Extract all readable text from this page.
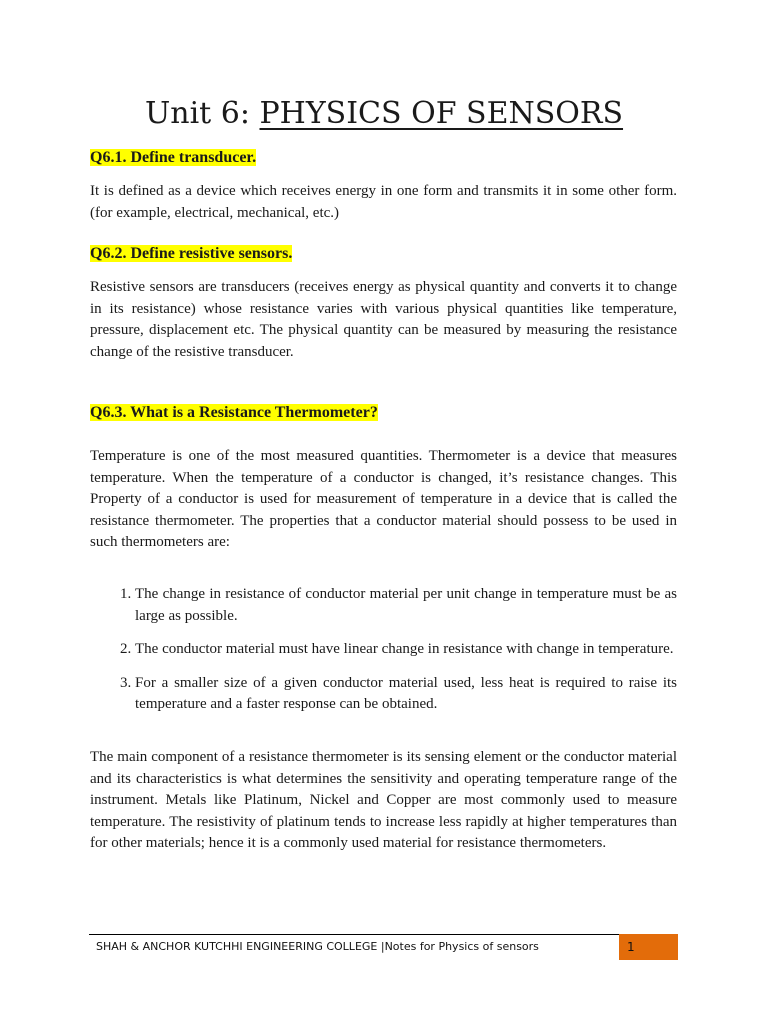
Unit 6: PHYSICS OF SENSORS
Q6.1. Define transducer.
It is defined as a device which receives energy in one form and transmits it in some other form. (for example, electrical, mechanical, etc.)
Q6.2. Define resistive sensors.
Resistive sensors are transducers (receives energy as physical quantity and converts it to change in its resistance) whose resistance varies with various physical quantities like temperature, pressure, displacement etc. The physical quantity can be measured by measuring the resistance change of the resistive transducer.
Q6.3. What is a Resistance Thermometer?
Temperature is one of the most measured quantities. Thermometer is a device that measures temperature. When the temperature of a conductor is changed, it’s resistance changes. This Property of a conductor is used for measurement of temperature in a device that is called the resistance thermometer. The properties that a conductor material should possess to be used in such thermometers are:
1. The change in resistance of conductor material per unit change in temperature must be as large as possible.
2. The conductor material must have linear change in resistance with change in temperature.
3. For a smaller size of a given conductor material used, less heat is required to raise its temperature and a faster response can be obtained.
The main component of a resistance thermometer is its sensing element or the conductor material and its characteristics is what determines the sensitivity and operating temperature range of the instrument. Metals like Platinum, Nickel and Copper are most commonly used to measure temperature. The resistivity of platinum tends to increase less rapidly at higher temperatures than for other materials; hence it is a commonly used material for resistance thermometers.
SHAH & ANCHOR KUTCHHI ENGINEERING COLLEGE |Notes for Physics of sensors	1
